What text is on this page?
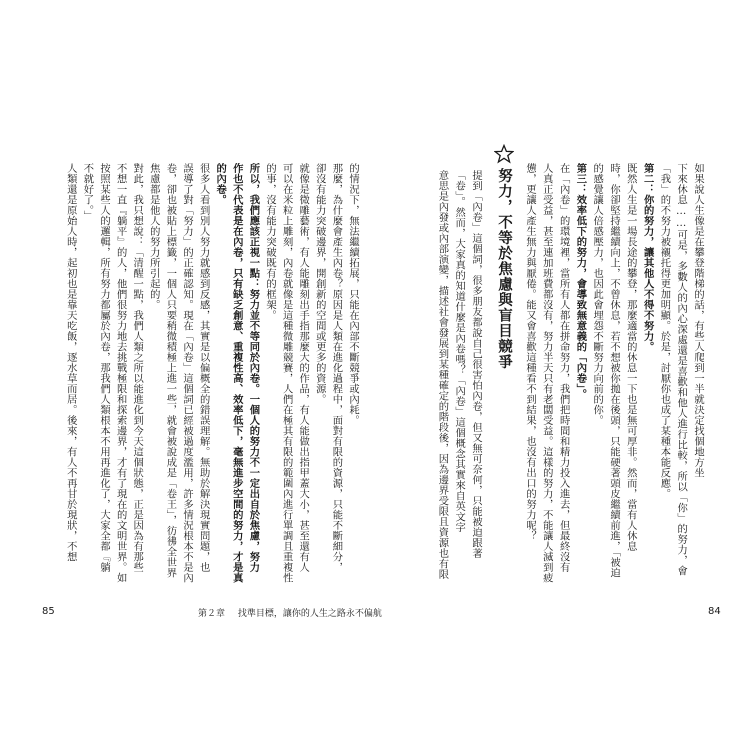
如果說人生像是在攀登階梯的話，有些人爬到一半就決定找個地方坐
下來休息……可是，多數人的內心深處還是喜歡和他人進行比較，所以「你」的努力，會
「我」的不努力被襯托得更加明顯。於是，討厭你也成了某種本能反應。
第二：你的努力，讓其他人不得不努力。
既然人生是一場長途的攀登，那麼適當的休息一下也是無可厚非。然而，當有人休息
時，你卻堅持繼續向上，不曾休息，若不想被你拋在後頭，只能硬著頭皮繼續前進，「被迫
的感覺讓人倍感壓力，也因此會埋怨不斷努力向前的你。
第三：效率低下的努力，會導致無意義的「內卷」。
在「內卷」的環境裡，當所有人都在拼命努力，我們把時間和精力投入進去，但最終沒有
人真正受益，甚至連加班費都沒有，努力半天只有老闆受益。這樣的努力，不能讓人滅到疲
憊，更讓人產生無力與厭倦。能又會喜歡這種看不到結果，也沒有出口的努力呢？
努力，不等於焦慮與盲目競爭
提到「內卷」這個詞，很多朋友都說自己很害怕內卷，但又無可奈何，只能被迫跟著
「卷」。然而，大家真的知道什麼是內卷嗎？「內卷」這個概念其實來自英文字
意思是內發或內部演變，描述社會發展到某種確定的階段後，因為邊界受限且資源也有限
84
的情況下，無法繼續拓展，只能在內部不斷競爭或內耗。
那麼，為什麼會產生內卷？原因是人類在進化過程中，面對有限的資源，只能不斷細分，
卻沒有能力突破邊界，開創新的空間或更多的資源。
就像是微雕藝術，有人能雕刻出手指那麼大的作品，有人能做出指甲蓋大小，甚至還有人
可以在米粒上雕刻，內卷就像是這種微雕競賽，人們在極其有限的範圍內進行單調且重複性
的事，沒有能力突破既有的框架。
所以，我們應該正視一點：努力並不等同於內卷。一個人的努力不一定出自於焦慮，努力
作也不代表是在內卷，只有缺乏創意、重複性高、效率低下，毫無進步空間的努力，才是真
的內卷。
很多人看到別人努力就感到反感，其實是以偏概全的錯誤理解。無助於解決現實問題，也
誤導了對「努力」的正確認知。現在「內卷」這個詞已經被過度濫用，許多情況根本不是內
卷，卻也被貼上標籤，一個人只要稍微積極上進一些，就會被說成是「卷王」，彷彿全世界
焦慮都是他人的努力所引起的。
對此，我只想說：「清醒一點，我們人類之所以能進化到今天這個狀態，正是因為有那些
不想一直『躺平』的人，他們很努力地去挑戰極限和探索邊界，才有了現在的文明世界。如
按照某些人的邏輯，所有努力都屬於內卷，那我們人類根本不用再進化了，大家全都『躺
不就好了。」
人類還是原始人時，起初也是靠天吃飯，逐水草而居。後來，有人不再甘於現狀，不想
85	第２章 找準目標，讓你的人生之路永不偏航
